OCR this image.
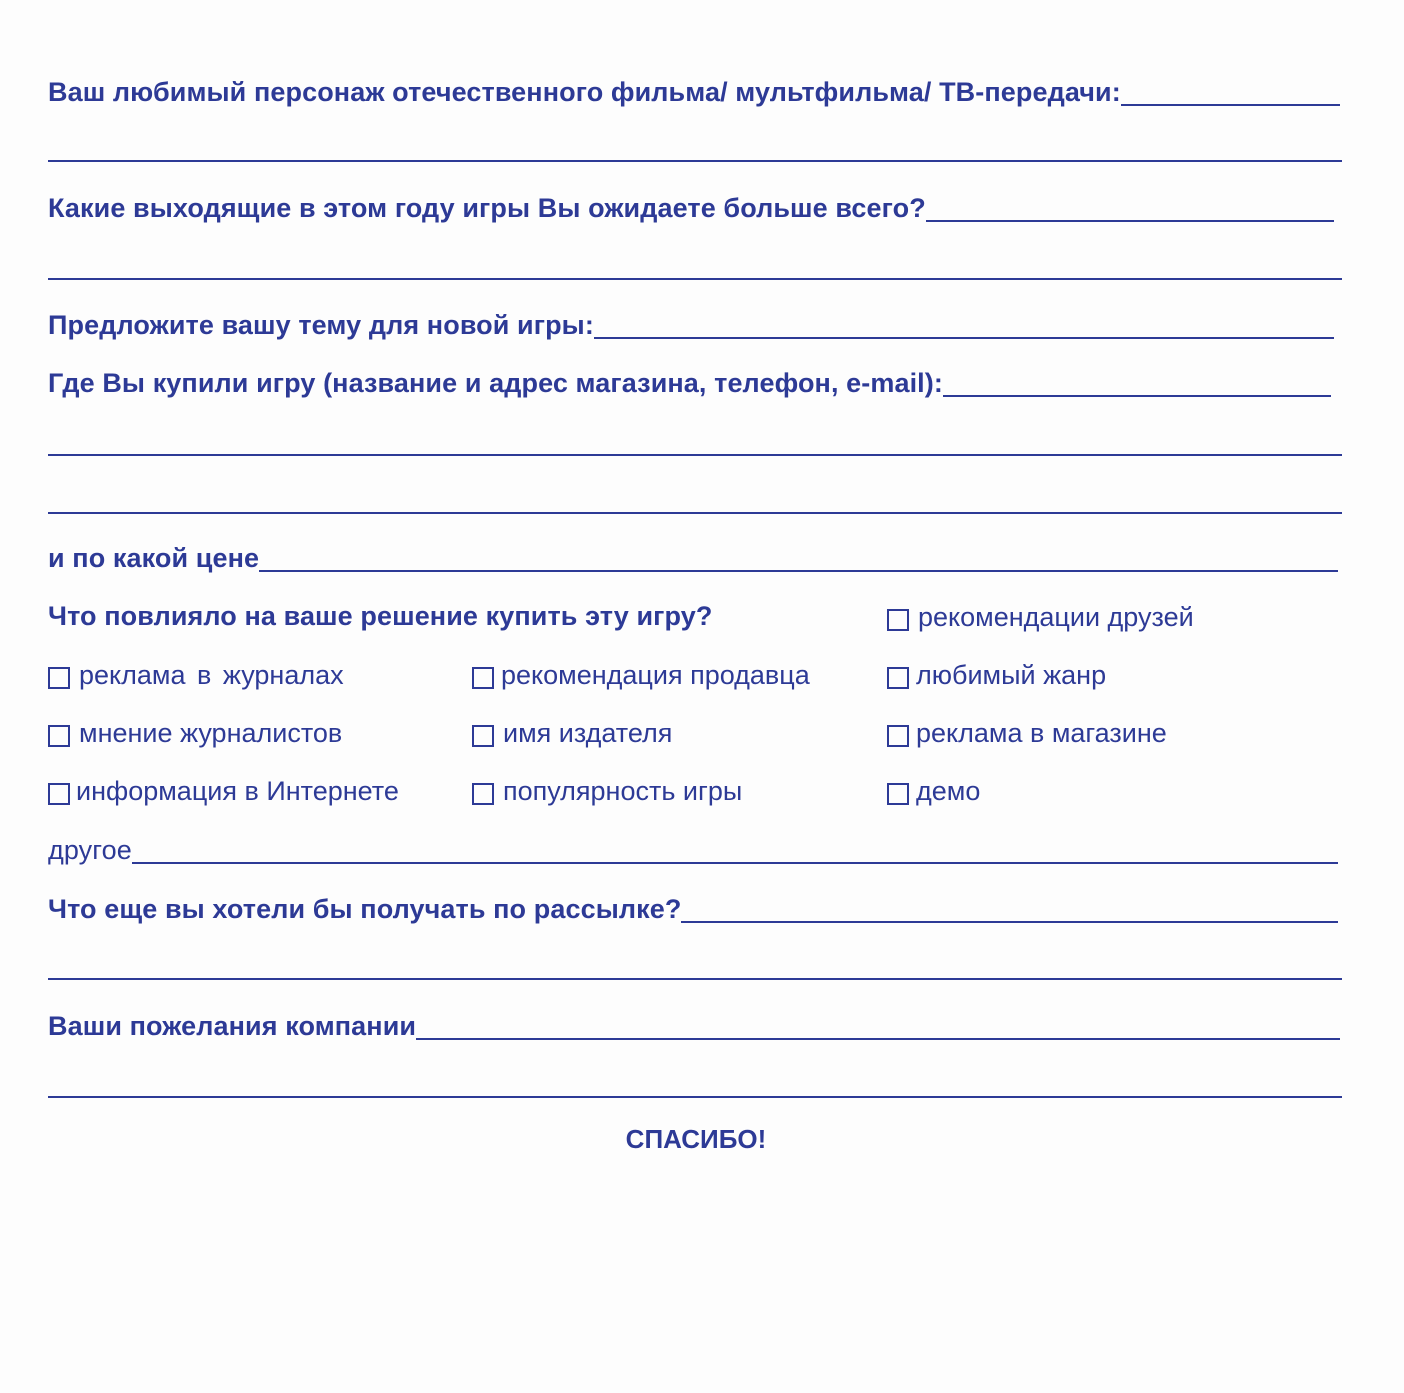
Ваш любимый персонаж отечественного фильма/ мультфильма/ ТВ-передачи:
Какие выходящие в этом году игры Вы ожидаете больше всего?
Предложите вашу тему для новой игры:
Где Вы купили игру (название и адрес магазина, телефон, e-mail):
и по какой цене
Что повлияло на ваше решение купить эту игру?	рекомендации друзей
реклама в журналах
мнение журналистов
информация в Интернете
рекомендация продавца
имя издателя
популярность игры
любимый жанр
реклама в магазине
демо
другое
Что еще вы хотели бы получать по рассылке?
Ваши пожелания компании
СПАСИБО!
